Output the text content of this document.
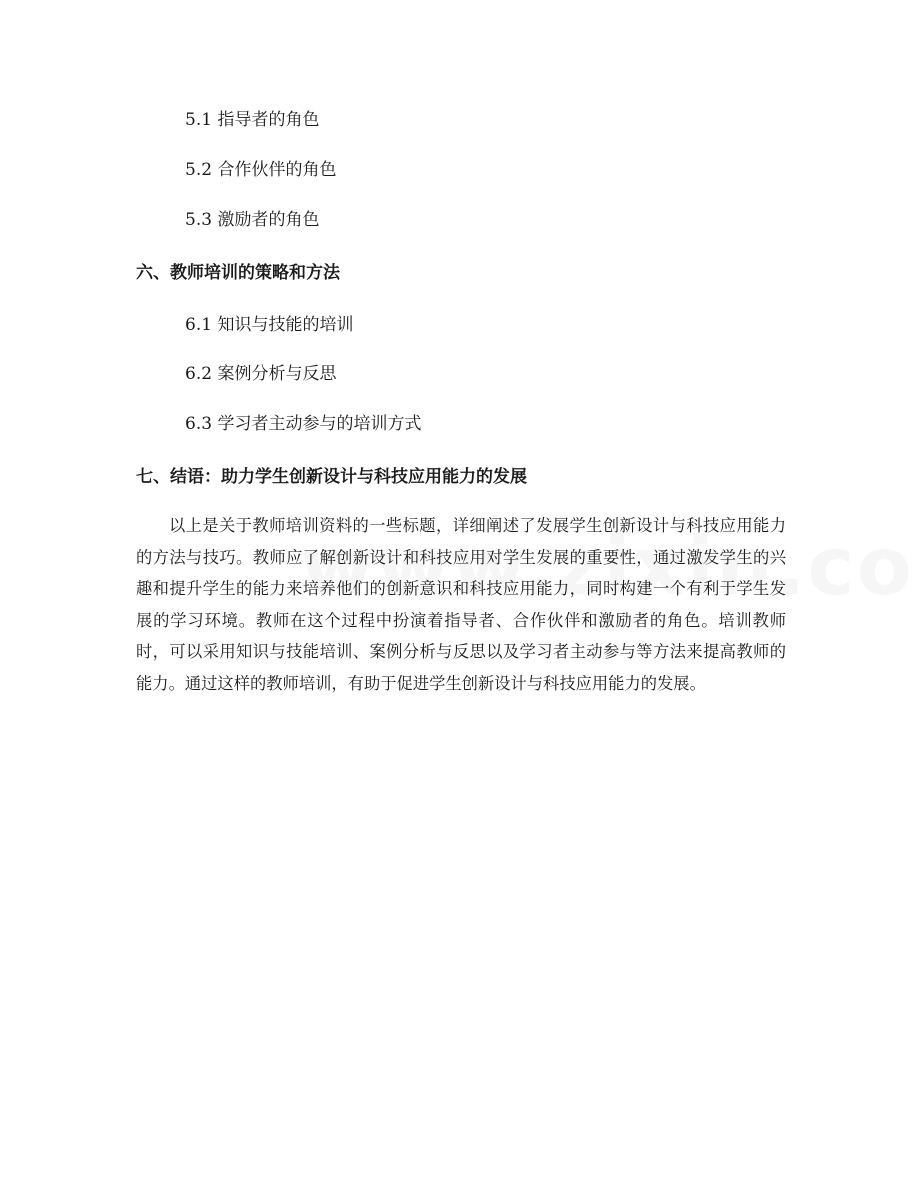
5.1 指导者的角色
5.2 合作伙伴的角色
5.3 激励者的角色
六、教师培训的策略和方法
6.1 知识与技能的培训
6.2 案例分析与反思
6.3 学习者主动参与的培训方式
七、结语：助力学生创新设计与科技应用能力的发展
以上是关于教师培训资料的一些标题，详细阐述了发展学生创新设计与科技应用能力的方法与技巧。教师应了解创新设计和科技应用对学生发展的重要性，通过激发学生的兴趣和提升学生的能力来培养他们的创新意识和科技应用能力，同时构建一个有利于学生发展的学习环境。教师在这个过程中扮演着指导者、合作伙伴和激励者的角色。培训教师时，可以采用知识与技能培训、案例分析与反思以及学习者主动参与等方法来提高教师的能力。通过这样的教师培训，有助于促进学生创新设计与科技应用能力的发展。
